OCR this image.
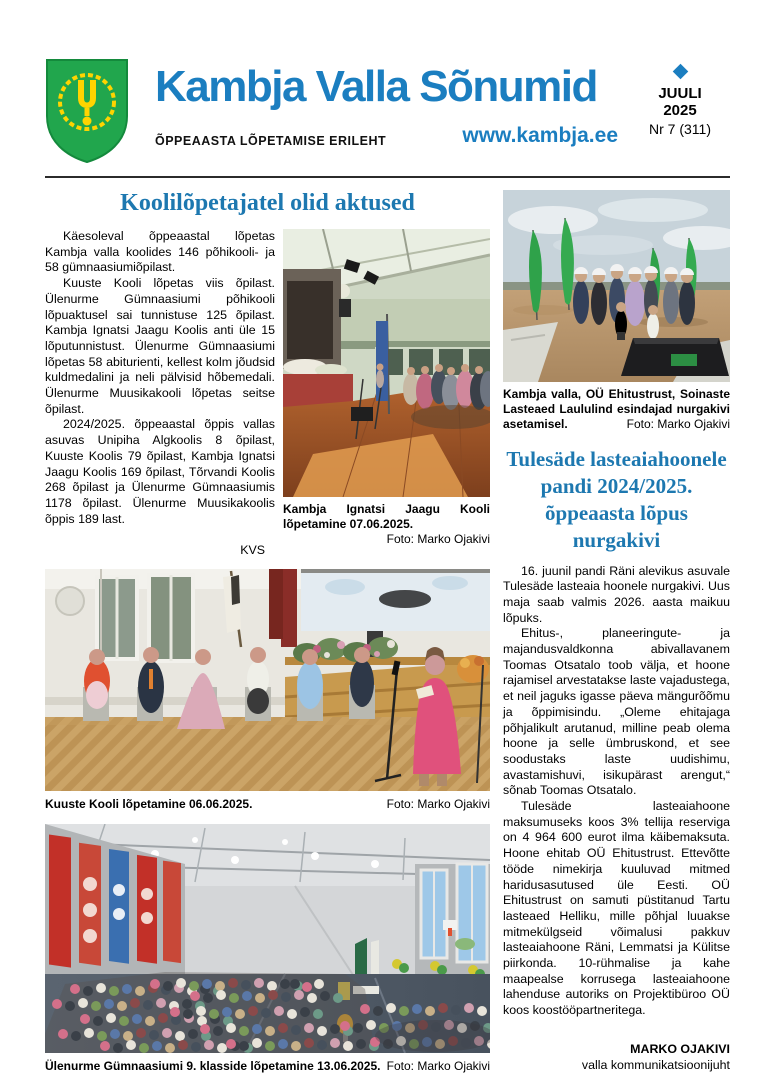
Kambja Valla Sõnumid
ÕPPEAASTA LÕPETAMISE ERILEHT	www.kambja.ee
JUULI
2025
Nr 7 (311)
Koolilõpetajatel olid aktused

Käesoleval õppeaastal lõpetas Kambja valla koolides 146 põhikooli- ja 58 gümnaasiumiõpilast.

Kuuste Kooli lõpetas viis õpilast. Ülenurme Gümnaasiumi põhikooli lõpuaktusel sai tunnistuse 125 õpilast. Kambja Ignatsi Jaagu Koolis anti üle 15 lõputunnistust. Ülenurme Gümnaasiumi lõpetas 58 abiturienti, kellest kolm jõudsid kuldmedalini ja neli pälvisid hõbemedali. Ülenurme Muusikakooli lõpetas seitse õpilast.

2024/2025. õppeaastal õppis vallas asuvas Unipiha Algkoolis 8 õpilast, Kuuste Koolis 79 õpilast, Kambja Ignatsi Jaagu Koolis 169 õpilast, Tõrvandi Koolis 268 õpilast ja Ülenurme Gümnaasiumis 1178 õpilast. Ülenurme Muusikakoolis õppis 189 last.

KVS
Kambja Ignatsi Jaagu Kooli lõpetamine 07.06.2025.
Foto: Marko Ojakivi
Kuuste Kooli lõpetamine 06.06.2025.	Foto: Marko Ojakivi
Ülenurme Gümnaasiumi 9. klasside lõpetamine 13.06.2025. Foto: Marko Ojakivi
Kambja valla, OÜ Ehitustrust, Soinaste Lasteaed Laululind esindajad nurgakivi asetamisel.	Foto: Marko Ojakivi
Tulesäde lasteaiahoonele pandi 2024/2025. õppeaasta lõpus nurgakivi

16. juunil pandi Räni alevikus asuvale Tulesäde lasteaia hoonele nurgakivi. Uus maja saab valmis 2026. aasta maikuu lõpuks.

Ehitus-, planeeringute- ja majandusvaldkonna abivallavanem Toomas Otsatalo toob välja, et hoone rajamisel arvestatakse laste vajadustega, et neil jaguks igasse päeva mängurõõmu ja õppimisindu. „Oleme ehitajaga põhjalikult arutanud, milline peab olema hoone ja selle ümbruskond, et see soodustaks laste uudishimu, avastamishuvi, isikupärast arengut,“ sõnab Toomas Otsatalo.

Tulesäde lasteaiahoone maksumuseks koos 3% tellija reserviga on 4 964 600 eurot ilma käibemaksuta. Hoone ehitab OÜ Ehitustrust. Ettevõtte tööde nimekirja kuuluvad mitmed haridusasutused üle Eesti. OÜ Ehitustrust on samuti püstitanud Tartu lasteaed Helliku, mille põhjal luuakse mitmekülgseid võimalusi pakkuv lasteaiahoone Räni, Lemmatsi ja Külitse piirkonda. 10-rühmalise ja kahe maapealse korrusega lasteaiahoone lahenduse autoriks on Projektibüroo OÜ koos koostööpartneritega.

MARKO OJAKIVI
valla kommunikatsioonijuht
